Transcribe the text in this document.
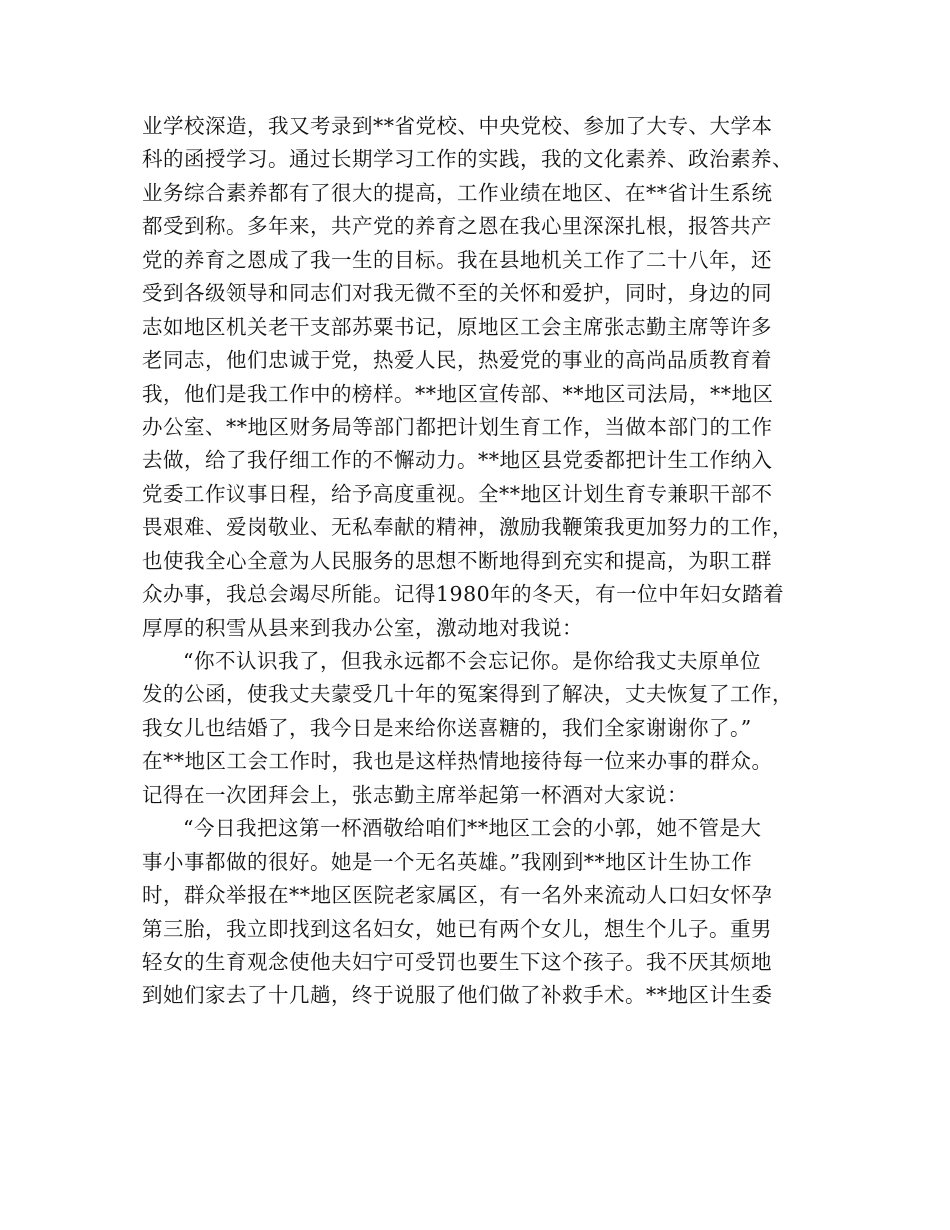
业学校深造，我又考录到**省党校、中央党校、参加了大专、大学本
科的函授学习。通过长期学习工作的实践，我的文化素养、政治素养、
业务综合素养都有了很大的提高，工作业绩在地区、在**省计生系统
都受到称。多年来，共产党的养育之恩在我心里深深扎根，报答共产
党的养育之恩成了我一生的目标。我在县地机关工作了二十八年，还
受到各级领导和同志们对我无微不至的关怀和爱护，同时，身边的同
志如地区机关老干支部苏粟书记，原地区工会主席张志勤主席等许多
老同志，他们忠诚于党，热爱人民，热爱党的事业的高尚品质教育着
我，他们是我工作中的榜样。**地区宣传部、**地区司法局，**地区
办公室、**地区财务局等部门都把计划生育工作，当做本部门的工作
去做，给了我仔细工作的不懈动力。**地区县党委都把计生工作纳入
党委工作议事日程，给予高度重视。全**地区计划生育专兼职干部不
畏艰难、爱岗敬业、无私奉献的精神，激励我鞭策我更加努力的工作，
也使我全心全意为人民服务的思想不断地得到充实和提高，为职工群
众办事，我总会竭尽所能。记得1980年的冬天，有一位中年妇女踏着
厚厚的积雪从县来到我办公室，激动地对我说：
“你不认识我了，但我永远都不会忘记你。是你给我丈夫原单位
发的公函，使我丈夫蒙受几十年的冤案得到了解决，丈夫恢复了工作，
我女儿也结婚了，我今日是来给你送喜糖的，我们全家谢谢你了。”
在**地区工会工作时，我也是这样热情地接待每一位来办事的群众。
记得在一次团拜会上，张志勤主席举起第一杯酒对大家说：
“今日我把这第一杯酒敬给咱们**地区工会的小郭，她不管是大
事小事都做的很好。她是一个无名英雄。”我刚到**地区计生协工作
时，群众举报在**地区医院老家属区，有一名外来流动人口妇女怀孕
第三胎，我立即找到这名妇女，她已有两个女儿，想生个儿子。重男
轻女的生育观念使他夫妇宁可受罚也要生下这个孩子。我不厌其烦地
到她们家去了十几趟，终于说服了他们做了补救手术。**地区计生委
